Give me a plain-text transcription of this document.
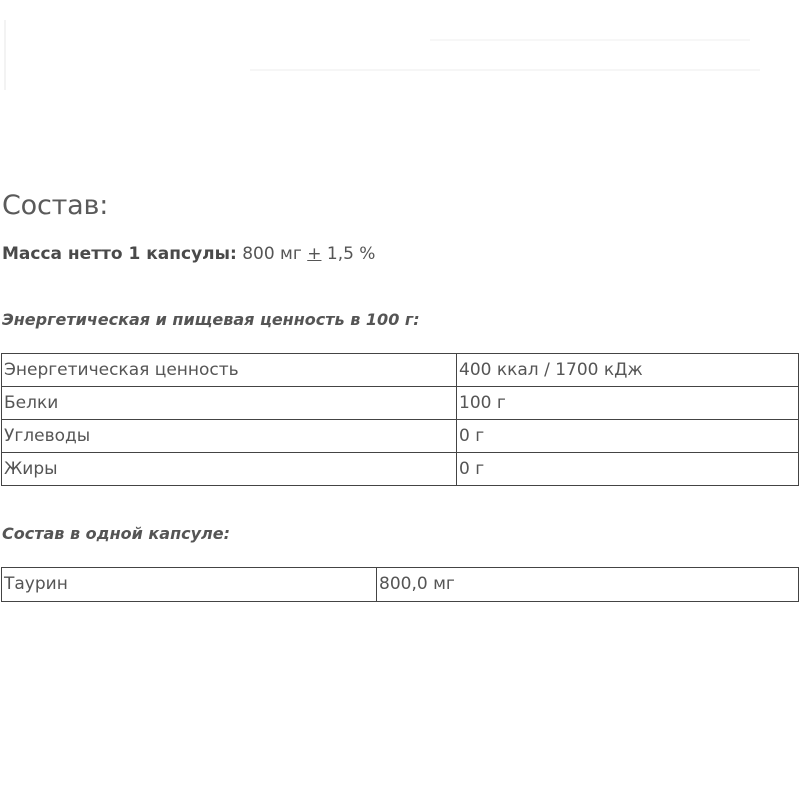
Состав:
Масса нетто 1 капсулы: 800 мг + 1,5 %
Энергетическая и пищевая ценность в 100 г:
Энергетическая ценность	400 ккал / 1700 кДж
Белки	100 г
Углеводы	0 г
Жиры	0 г
Состав в одной капсуле:
Таурин	800,0 мг
